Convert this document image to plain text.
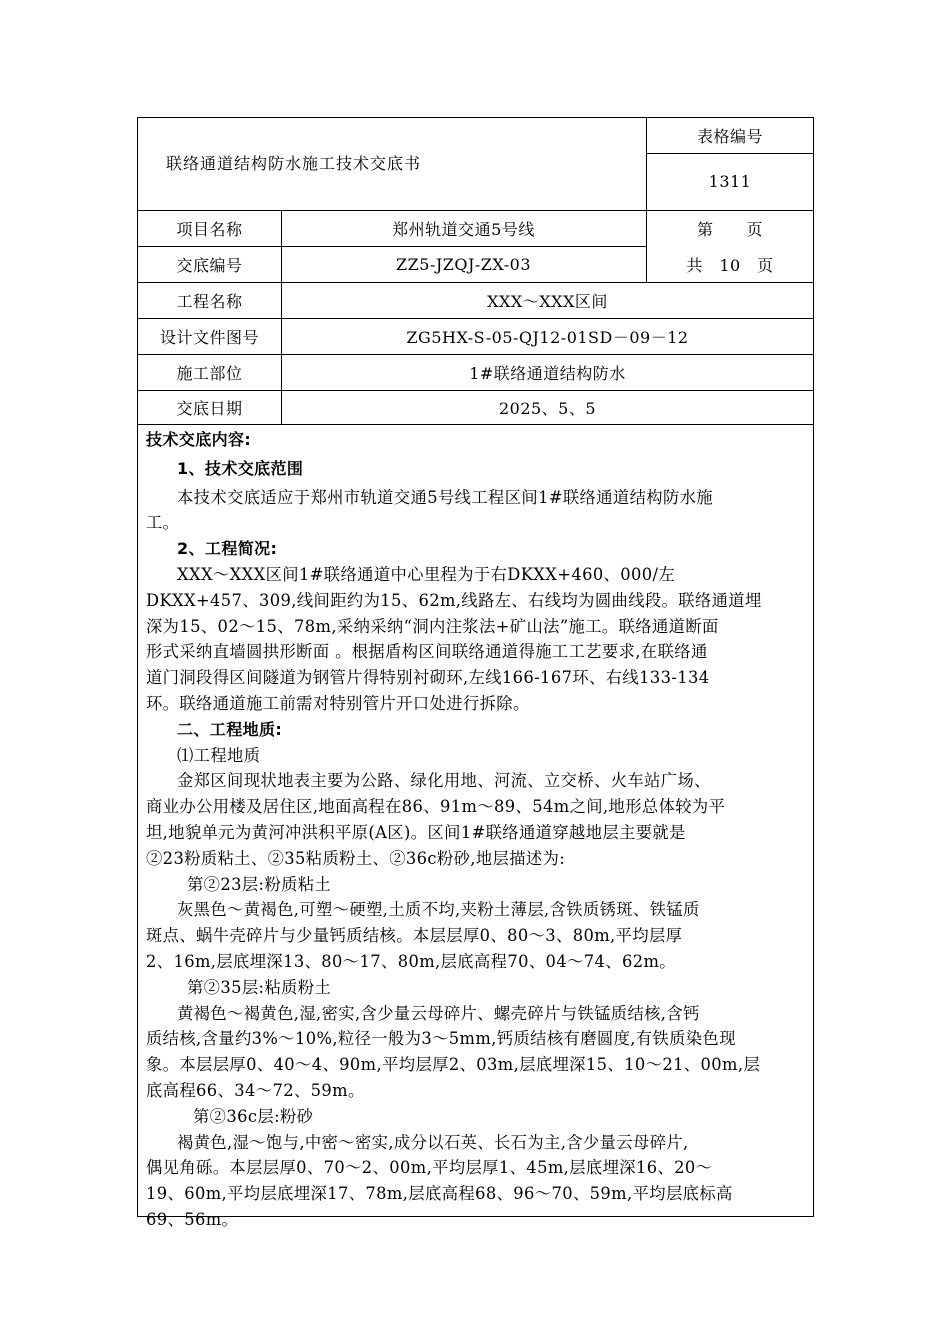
联络通道结构防水施工技术交底书
表格编号
1311
项目名称	郑州轨道交通5号线	第　　页
交底编号	ZZ5-JZQJ-ZX-03	共　10　页
工程名称	XXX～XXX区间
设计文件图号	ZG5HX-S-05-QJ12-01SD－09－12
施工部位	1#联络通道结构防水
交底日期	2025、5、5
技术交底内容:
1、技术交底范围
本技术交底适应于郑州市轨道交通5号线工程区间1#联络通道结构防水施
工。
2、工程简况:
XXX～XXX区间1#联络通道中心里程为于右DKXX+460、000/左
DKXX+457、309,线间距约为15、62m,线路左、右线均为圆曲线段。联络通道埋
深为15、02～15、78m,采纳采纳“洞内注浆法+矿山法”施工。联络通道断面
形式采纳直墙圆拱形断面 。根据盾构区间联络通道得施工工艺要求,在联络通
道门洞段得区间隧道为钢管片得特别衬砌环,左线166-167环、右线133-134
环。联络通道施工前需对特别管片开口处进行拆除。
二、工程地质:
⑴工程地质
金郑区间现状地表主要为公路、绿化用地、河流、立交桥、火车站广场、
商业办公用楼及居住区,地面高程在86、91m～89、54m之间,地形总体较为平
坦,地貌单元为黄河冲洪积平原(A区)。区间1#联络通道穿越地层主要就是
②23粉质粘土、②35粘质粉土、②36c粉砂,地层描述为:
第②23层:粉质粘土
灰黑色～黄褐色,可塑～硬塑,土质不均,夹粉土薄层,含铁质锈斑、铁锰质
斑点、蜗牛壳碎片与少量钙质结核。本层层厚0、80～3、80m,平均层厚
2、16m,层底埋深13、80～17、80m,层底高程70、04～74、62m。
第②35层:粘质粉土
黄褐色～褐黄色,湿,密实,含少量云母碎片、螺壳碎片与铁锰质结核,含钙
质结核,含量约3%～10%,粒径一般为3～5mm,钙质结核有磨圆度,有铁质染色现
象。本层层厚0、40～4、90m,平均层厚2、03m,层底埋深15、10～21、00m,层
底高程66、34～72、59m。
第②36c层:粉砂
褐黄色,湿～饱与,中密～密实,成分以石英、长石为主,含少量云母碎片,
偶见角砾。本层层厚0、70～2、00m,平均层厚1、45m,层底埋深16、20～
19、60m,平均层底埋深17、78m,层底高程68、96～70、59m,平均层底标高
69、56m。
